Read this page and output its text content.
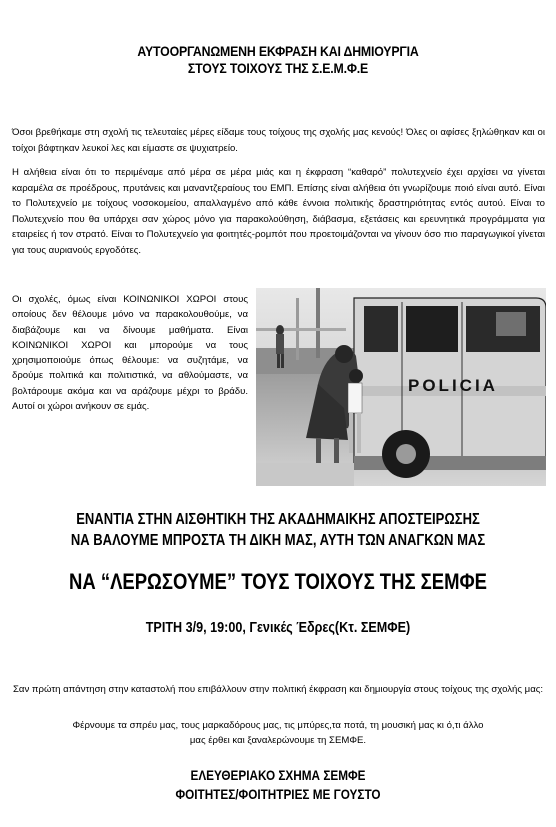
ΑΥΤΟΟΡΓΑΝΩΜΕΝΗ ΕΚΦΡΑΣΗ ΚΑΙ ΔΗΜΙΟΥΡΓΙΑ
ΣΤΟΥΣ ΤΟΙΧΟΥΣ ΤΗΣ Σ.Ε.Μ.Φ.Ε
Όσοι βρεθήκαμε στη σχολή τις τελευταίες μέρες είδαμε τους τοίχους της σχολής μας κενούς! Όλες οι αφίσες ξηλώθηκαν και οι τοίχοι βάφτηκαν λευκοί λες και είμαστε σε ψυχιατρείο.
Η αλήθεια είναι ότι το περιμέναμε από μέρα σε μέρα μιάς και η έκφραση “καθαρό” πολυτεχνείο έχει αρχίσει να γίνεται καραμέλα σε προέδρους, πρυτάνεις και μαναντζεραίους του ΕΜΠ. Επίσης είναι αλήθεια ότι γνωρίζουμε ποιό είναι αυτό. Είναι το Πολυτεχνείο με τοίχους νοσοκομείου, απαλλαγμένο από κάθε έννοια πολιτικής δραστηριότητας εντός αυτού. Είναι το Πολυτεχνείο που θα υπάρχει σαν χώρος μόνο για παρακολούθηση, διάβασμα, εξετάσεις και ερευνητικά προγράμματα για εταιρείες ή τον στρατό. Είναι το Πολυτεχνείο για φοιτητές-ρομπότ που προετοιμάζονται να γίνουν όσο πιο παραγωγικοί γίνεται για τους αυριανούς εργοδότες.
Οι σχολές, όμως είναι ΚΟΙΝΩΝΙΚΟΙ ΧΩΡΟΙ στους οποίους δεν θέλουμε μόνο να παρακολουθούμε, να διαβάζουμε και να δίνουμε μαθήματα. Είναι ΚΟΙΝΩΝΙΚΟΙ ΧΩΡΟΙ και μπορούμε να τους χρησιμοποιούμε όπως θέλουμε: να συζητάμε, να δρούμε πολιτικά και πολιτιστικά, να αθλούμαστε, να βολτάρουμε ακόμα και να αράζουμε μέχρι το βράδυ. Αυτοί οι χώροι ανήκουν σε εμάς.
POLICIA
ΕΝΑΝΤΙΑ ΣΤΗΝ ΑΙΣΘΗΤΙΚΗ ΤΗΣ ΑΚΑΔΗΜΑΙΚΗΣ ΑΠΟΣΤΕΙΡΩΣΗΣ
ΝΑ ΒΑΛΟΥΜΕ ΜΠΡΟΣΤΑ ΤΗ ΔΙΚΗ ΜΑΣ, ΑΥΤΗ ΤΩΝ ΑΝΑΓΚΩΝ ΜΑΣ
ΝΑ “ΛΕΡΩΣΟΥΜΕ” ΤΟΥΣ ΤΟΙΧΟΥΣ ΤΗΣ ΣΕΜΦΕ
ΤΡΙΤΗ 3/9, 19:00, Γενικές Έδρες(Κτ. ΣΕΜΦΕ)
Σαν πρώτη απάντηση στην καταστολή που επιβάλλουν στην πολιτική έκφραση και δημιουργία στους τοίχους της σχολής μας:
Φέρνουμε τα σπρέυ μας, τους μαρκαδόρους μας, τις μπύρες,τα ποτά, τη μουσική μας κι ό,τι άλλο
μας έρθει και ξαναλερώνουμε τη ΣΕΜΦΕ.
ΕΛΕΥΘΕΡΙΑΚΟ ΣΧΗΜΑ ΣΕΜΦΕ
ΦΟΙΤΗΤΕΣ/ΦΟΙΤΗΤΡΙΕΣ ΜΕ ΓΟΥΣΤΟ
